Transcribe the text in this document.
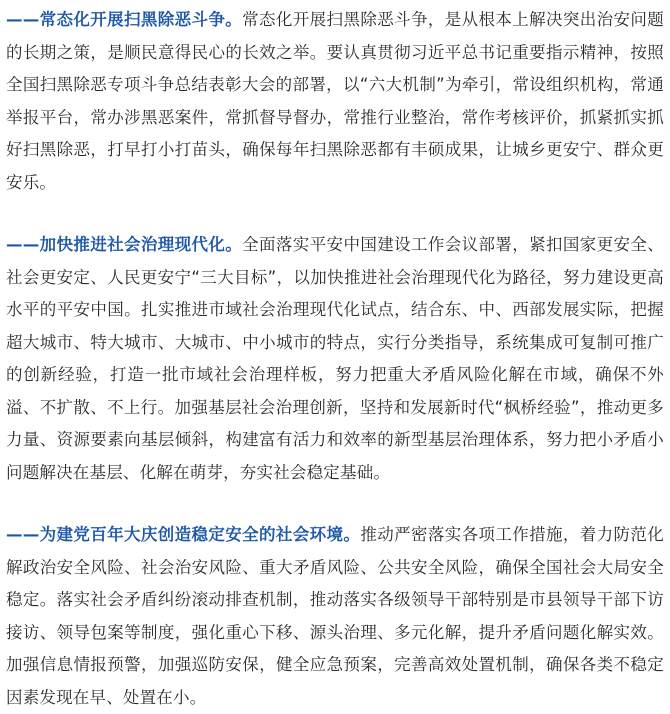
——常态化开展扫黑除恶斗争。常态化开展扫黑除恶斗争，是从根本上解决突出治安问题的长期之策，是顺民意得民心的长效之举。要认真贯彻习近平总书记重要指示精神，按照全国扫黑除恶专项斗争总结表彰大会的部署，以“六大机制”为牵引，常设组织机构，常通举报平台，常办涉黑恶案件，常抓督导督办，常推行业整治，常作考核评价，抓紧抓实抓好扫黑除恶，打早打小打苗头，确保每年扫黑除恶都有丰硕成果，让城乡更安宁、群众更安乐。

——加快推进社会治理现代化。全面落实平安中国建设工作会议部署，紧扣国家更安全、社会更安定、人民更安宁“三大目标”，以加快推进社会治理现代化为路径，努力建设更高水平的平安中国。扎实推进市域社会治理现代化试点，结合东、中、西部发展实际，把握超大城市、特大城市、大城市、中小城市的特点，实行分类指导，系统集成可复制可推广的创新经验，打造一批市域社会治理样板，努力把重大矛盾风险化解在市域，确保不外溢、不扩散、不上行。加强基层社会治理创新，坚持和发展新时代“枫桥经验”，推动更多力量、资源要素向基层倾斜，构建富有活力和效率的新型基层治理体系，努力把小矛盾小问题解决在基层、化解在萌芽，夯实社会稳定基础。

——为建党百年大庆创造稳定安全的社会环境。推动严密落实各项工作措施，着力防范化解政治安全风险、社会治安风险、重大矛盾风险、公共安全风险，确保全国社会大局安全稳定。落实社会矛盾纠纷滚动排查机制，推动落实各级领导干部特别是市县领导干部下访接访、领导包案等制度，强化重心下移、源头治理、多元化解，提升矛盾问题化解实效。加强信息情报预警，加强巡防安保，健全应急预案，完善高效处置机制，确保各类不稳定因素发现在早、处置在小。
